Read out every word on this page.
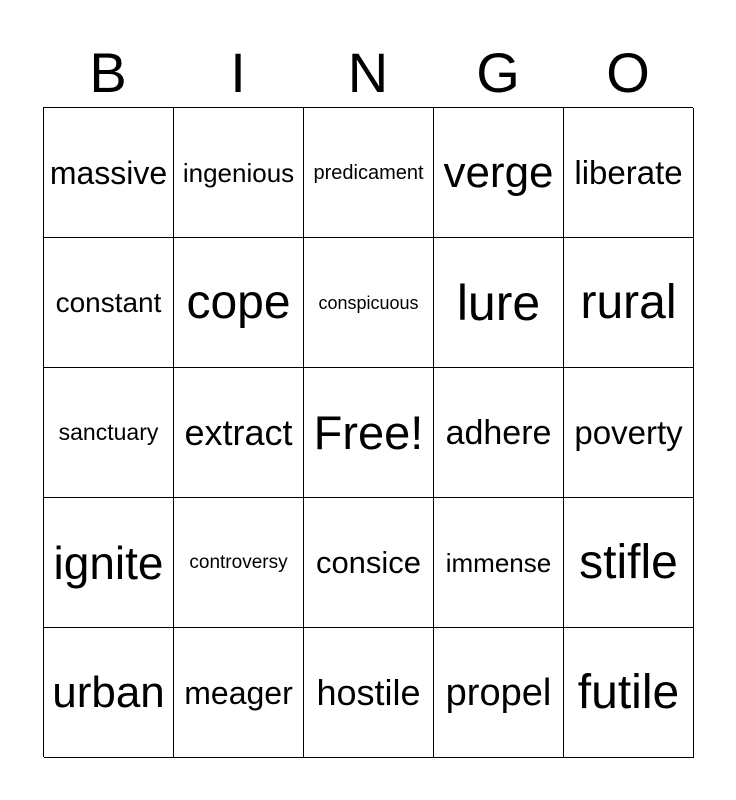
B	I	N	G	O
massive ingenious predicament verge liberate
constant cope	conspicuous lure rural
sanctuary extract Free! adhere poverty
ignite	controversy consice immense stifle
urban meager hostile propel futile
